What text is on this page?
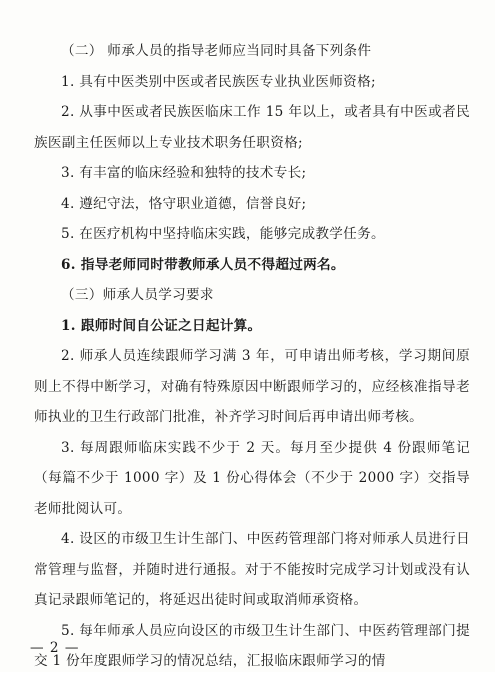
（二） 师承人员的指导老师应当同时具备下列条件

1. 具有中医类别中医或者民族医专业执业医师资格;

2. 从事中医或者民族医临床工作 15 年以上，或者具有中医或者民族医副主任医师以上专业技术职务任职资格;

3. 有丰富的临床经验和独特的技术专长;

4. 遵纪守法，恪守职业道德，信誉良好;

5. 在医疗机构中坚持临床实践，能够完成教学任务。

6. 指导老师同时带教师承人员不得超过两名。

（三）师承人员学习要求

1. 跟师时间自公证之日起计算。

2. 师承人员连续跟师学习满 3 年，可申请出师考核，学习期间原则上不得中断学习，对确有特殊原因中断跟师学习的，应经核准指导老师执业的卫生行政部门批准，补齐学习时间后再申请出师考核。

3. 每周跟师临床实践不少于 2 天。每月至少提供 4 份跟师笔记（每篇不少于 1000 字）及 1 份心得体会（不少于 2000 字）交指导老师批阅认可。

4. 设区的市级卫生计生部门、中医药管理部门将对师承人员进行日常管理与监督，并随时进行通报。对于不能按时完成学习计划或没有认真记录跟师笔记的，将延迟出徒时间或取消师承资格。

5. 每年师承人员应向设区的市级卫生计生部门、中医药管理部门提交 1 份年度跟师学习的情况总结，汇报临床跟师学习的情

— 2 —
